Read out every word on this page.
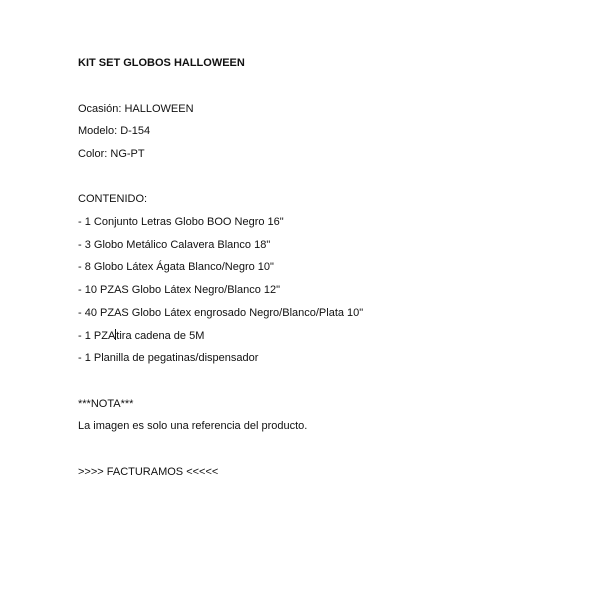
KIT SET GLOBOS HALLOWEEN

Ocasión: HALLOWEEN

Modelo: D-154

Color: NG-PT

CONTENIDO:

- 1 Conjunto Letras Globo BOO Negro 16"

- 3 Globo Metálico Calavera Blanco 18"

- 8 Globo Látex Ágata Blanco/Negro 10"

- 10 PZAS Globo Látex Negro/Blanco 12"

- 40 PZAS Globo Látex engrosado Negro/Blanco/Plata 10"

- 1 PZAtira cadena de 5M

- 1 Planilla de pegatinas/dispensador

***NOTA***

La imagen es solo una referencia del producto.

>>>> FACTURAMOS <<<<<
